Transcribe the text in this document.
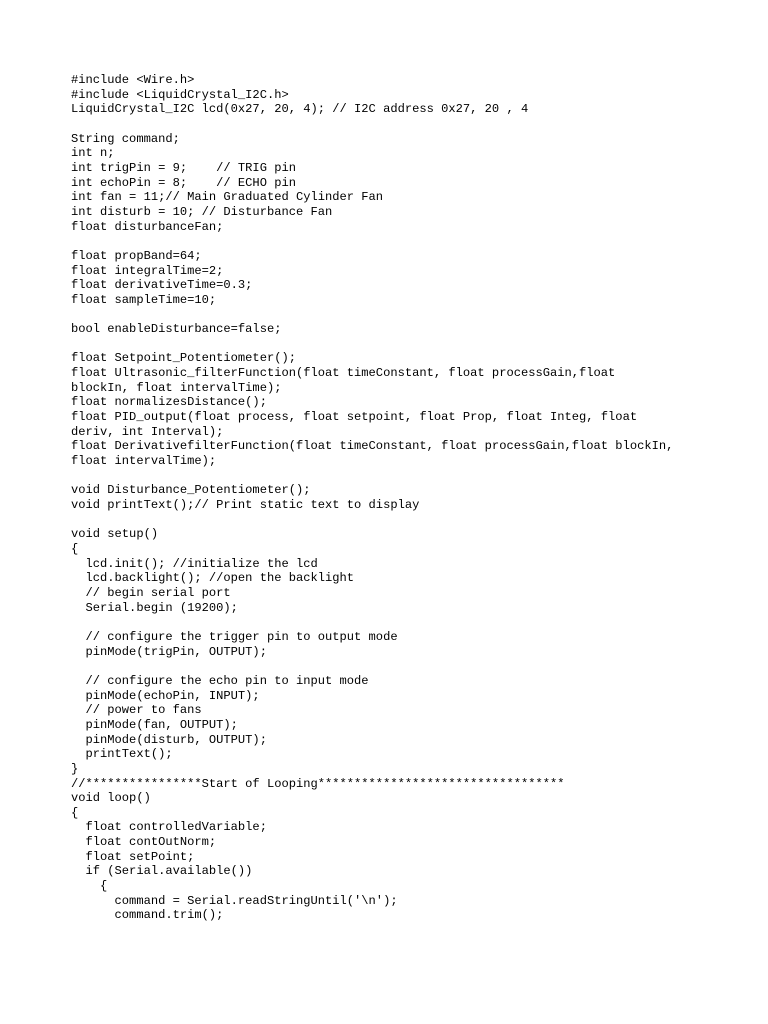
#include <Wire.h>
#include <LiquidCrystal_I2C.h>
LiquidCrystal_I2C lcd(0x27, 20, 4); // I2C address 0x27, 20 , 4
String command;
int n;
int trigPin = 9;    // TRIG pin
int echoPin = 8;    // ECHO pin
int fan = 11;// Main Graduated Cylinder Fan
int disturb = 10; // Disturbance Fan
float disturbanceFan;
float propBand=64;
float integralTime=2;
float derivativeTime=0.3;
float sampleTime=10;
bool enableDisturbance=false;
float Setpoint_Potentiometer();
float Ultrasonic_filterFunction(float timeConstant, float processGain,float
blockIn, float intervalTime);
float normalizesDistance();
float PID_output(float process, float setpoint, float Prop, float Integ, float
deriv, int Interval);
float DerivativefilterFunction(float timeConstant, float processGain,float blockIn,
float intervalTime);
void Disturbance_Potentiometer();
void printText();// Print static text to display
void setup()
{
lcd.init(); //initialize the lcd
lcd.backlight(); //open the backlight
// begin serial port
Serial.begin (19200);
// configure the trigger pin to output mode
pinMode(trigPin, OUTPUT);
// configure the echo pin to input mode
pinMode(echoPin, INPUT);
// power to fans
pinMode(fan, OUTPUT);
pinMode(disturb, OUTPUT);
printText();
}
//****************Start of Looping**********************************
void loop()
{
float controlledVariable;
float contOutNorm;
float setPoint;
if (Serial.available())
{
command = Serial.readStringUntil('\n');
command.trim();
